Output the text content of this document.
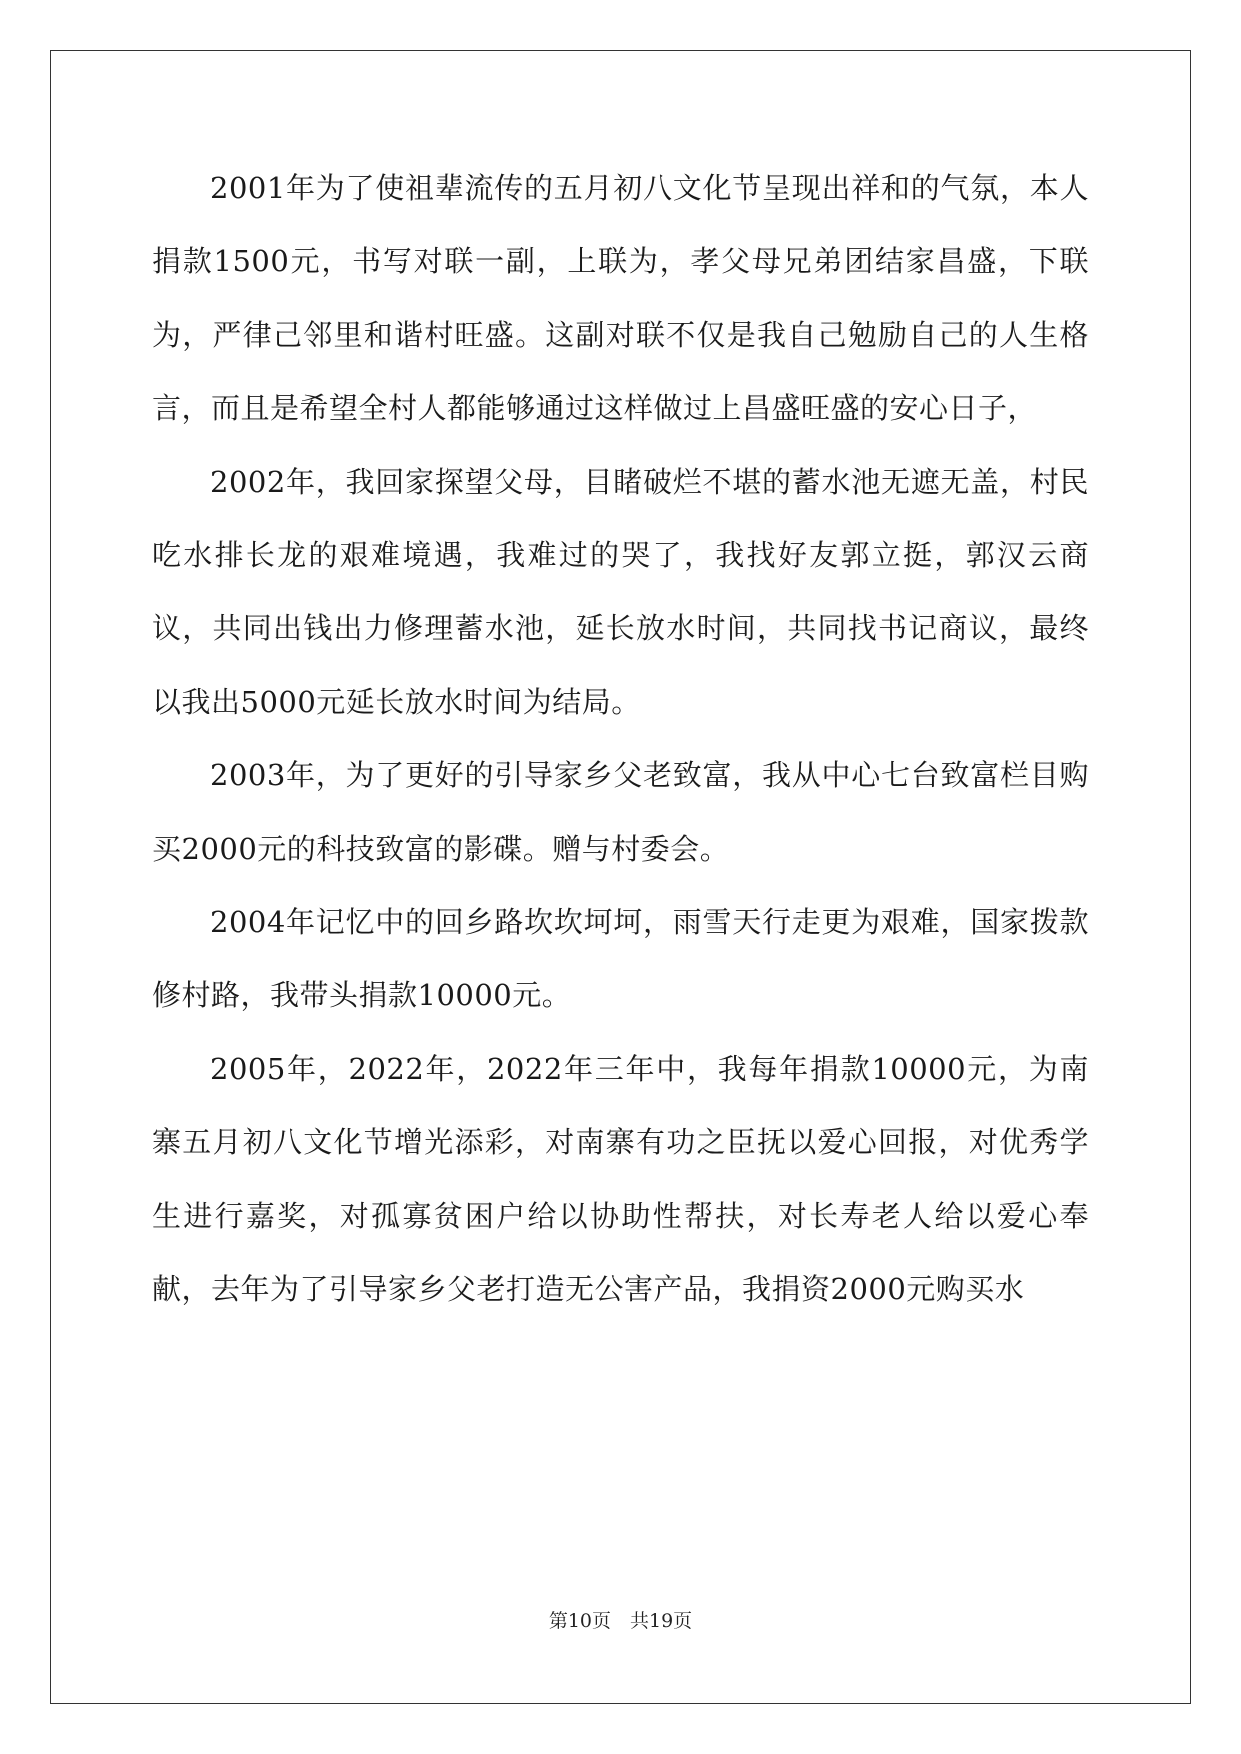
2001年为了使祖辈流传的五月初八文化节呈现出祥和的气氛，本人捐款1500元，书写对联一副，上联为，孝父母兄弟团结家昌盛，下联为，严律己邻里和谐村旺盛。这副对联不仅是我自己勉励自己的人生格言，而且是希望全村人都能够通过这样做过上昌盛旺盛的安心日子，

2002年，我回家探望父母，目睹破烂不堪的蓄水池无遮无盖，村民吃水排长龙的艰难境遇，我难过的哭了，我找好友郭立挺，郭汉云商议，共同出钱出力修理蓄水池，延长放水时间，共同找书记商议，最终以我出5000元延长放水时间为结局。

2003年，为了更好的引导家乡父老致富，我从中心七台致富栏目购买2000元的科技致富的影碟。赠与村委会。

2004年记忆中的回乡路坎坎坷坷，雨雪天行走更为艰难，国家拨款修村路，我带头捐款10000元。

2005年，2022年，2022年三年中，我每年捐款10000元，为南寨五月初八文化节增光添彩，对南寨有功之臣抚以爱心回报，对优秀学生进行嘉奖，对孤寡贫困户给以协助性帮扶，对长寿老人给以爱心奉献，去年为了引导家乡父老打造无公害产品，我捐资2000元购买水

第10页　共19页
